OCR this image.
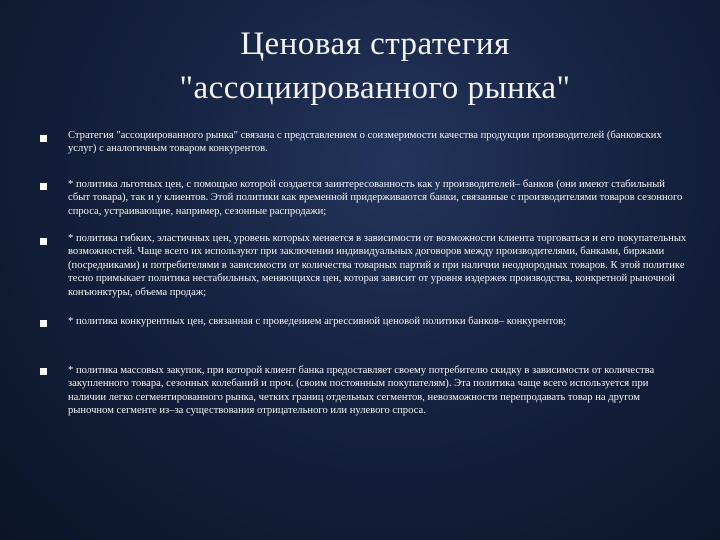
Ценовая стратегия
"ассоциированного рынка"
Стратегия "ассоциированного рынка" связана с представлением о соизмеримости качества продукции производителей (банковских услуг) с аналогичным товаром конкурентов.
* политика льготных цен, с помощью которой создается заинтересованность как у производителей– банков (они имеют стабильный сбыт товара), так и у клиентов. Этой политики как временной придерживаются банки, связанные с производителями товаров сезонного спроса, устраивающие, например, сезонные распродажи;
* политика гибких, эластичных цен, уровень которых меняется в зависимости от возможности клиента торговаться и его покупательных возможностей. Чаще всего их используют при заключении индивидуальных договоров между производителями, банками, биржами (посредниками) и потребителями в зависимости от количества товарных партий и при наличии неоднородных товаров. К этой политике тесно примыкает политика нестабильных, меняющихся цен, которая зависит от уровня издержек производства, конкретной рыночной конъюнктуры, объема продаж;
* политика конкурентных цен, связанная с проведением агрессивной ценовой политики банков– конкурентов;
* политика массовых закупок, при которой клиент банка предоставляет своему потребителю скидку в зависимости от количества закупленного товара, сезонных колебаний и проч. (своим постоянным покупателям). Эта политика чаще всего используется при наличии легко сегментированного рынка, четких границ отдельных сегментов, невозможности перепродавать товар на другом рыночном сегменте из–за существования отрицательного или нулевого спроса.
